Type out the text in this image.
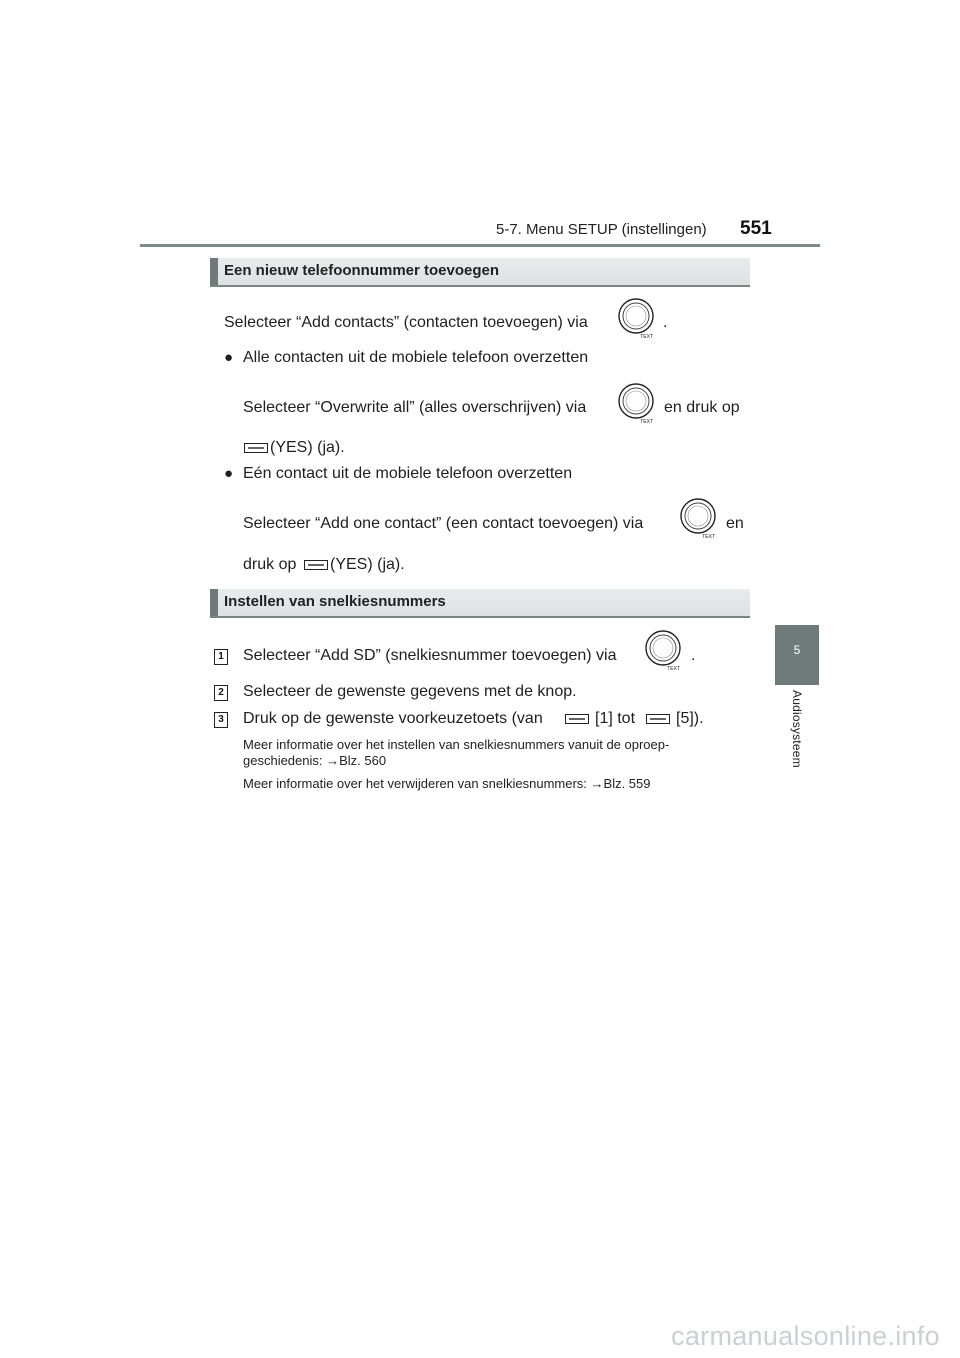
5-7. Menu SETUP (instellingen) 551
5
Audiosysteem
Een nieuw telefoonnummer toevoegen
Selecteer “Add contacts” (contacten toevoegen) via
TEXT
.
● Alle contacten uit de mobiele telefoon overzetten
Selecteer “Overwrite all” (alles overschrijven) via
TEXT
en druk op
(YES) (ja).
● Eén contact uit de mobiele telefoon overzetten
Selecteer “Add one contact” (een contact toevoegen) via
TEXT
en
druk op (YES) (ja).
Instellen van snelkiesnummers
1 Selecteer “Add SD” (snelkiesnummer toevoegen) via
TEXT
.
2 Selecteer de gewenste gegevens met de knop.
3 Druk op de gewenste voorkeuzetoets (van	[1] tot	[5]).
Meer informatie over het instellen van snelkiesnummers vanuit de oproep-
geschiedenis: →Blz. 560
Meer informatie over het verwijderen van snelkiesnummers: →Blz. 559
carmanualsonline.info
